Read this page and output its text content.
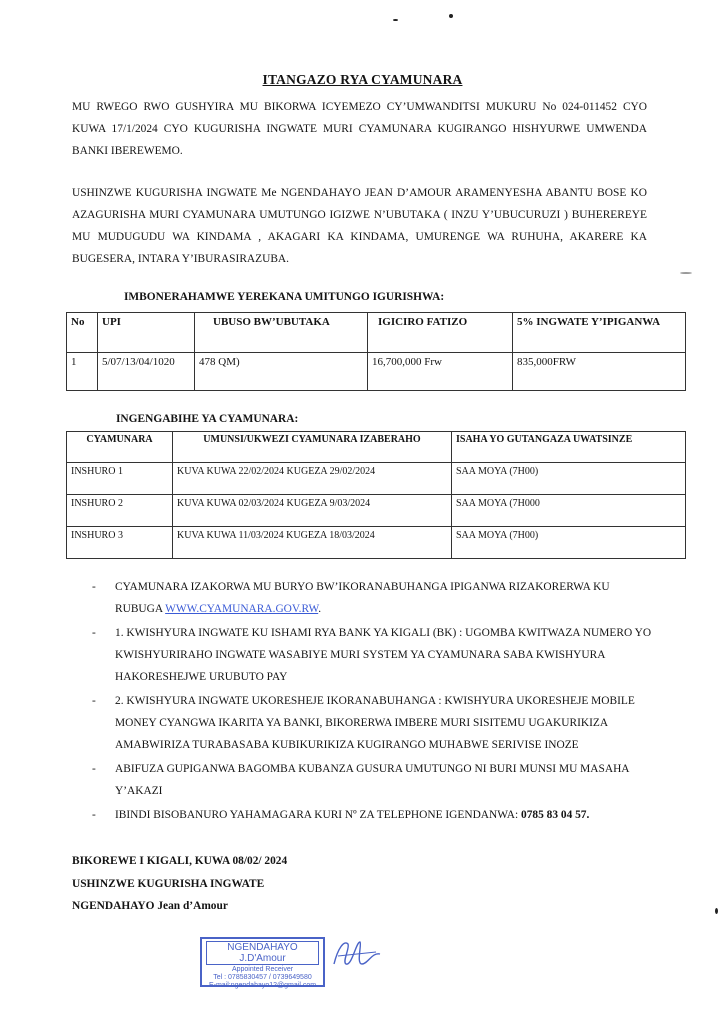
ITANGAZO RYA CYAMUNARA
MU RWEGO RWO GUSHYIRA MU BIKORWA ICYEMEZO CY’UMWANDITSI MUKURU No 024-011452 CYO KUWA 17/1/2024 CYO KUGURISHA INGWATE MURI CYAMUNARA KUGIRANGO HISHYURWE UMWENDA BANKI IBEREWEMO.
USHINZWE KUGURISHA INGWATE Me NGENDAHAYO JEAN D’AMOUR ARAMENYESHA ABANTU BOSE KO AZAGURISHA MURI CYAMUNARA UMUTUNGO IGIZWE N’UBUTAKA ( INZU Y’UBUCURUZI ) BUHEREREYE MU MUDUGUDU WA KINDAMA , AKAGARI KA KINDAMA, UMURENGE WA RUHUHA, AKARERE KA BUGESERA, INTARA Y’IBURASIRAZUBA.
IMBONERAHAMWE YEREKANA UMITUNGO IGURISHWA:
No	UPI	UBUSO BW’UBUTAKA	IGICIRO FATIZO	5% INGWATE Y’IPIGANWA
1	5/07/13/04/1020	478 QM)	16,700,000 Frw	835,000FRW
INGENGABIHE YA CYAMUNARA:
CYAMUNARA	UMUNSI/UKWEZI CYAMUNARA IZABERAHO	ISAHA YO GUTANGAZA UWATSINZE
INSHURO 1	KUVA KUWA 22/02/2024 KUGEZA 29/02/2024	SAA MOYA (7H00)
INSHURO 2	KUVA KUWA 02/03/2024 KUGEZA 9/03/2024	SAA MOYA (7H000
INSHURO 3	KUVA KUWA 11/03/2024 KUGEZA 18/03/2024	SAA MOYA (7H00)
- CYAMUNARA IZAKORWA MU BURYO BW’IKORANABUHANGA IPIGANWA RIZAKORERWA KU RUBUGA WWW.CYAMUNARA.GOV.RW.
- 1. KWISHYURA INGWATE KU ISHAMI RYA BANK YA KIGALI (BK) : UGOMBA KWITWAZA NUMERO YO KWISHYURIRAHO INGWATE WASABIYE MURI SYSTEM YA CYAMUNARA SABA KWISHYURA HAKORESHEJWE URUBUTO PAY
- 2. KWISHYURA INGWATE UKORESHEJE IKORANABUHANGA : KWISHYURA UKORESHEJE MOBILE MONEY CYANGWA IKARITA YA BANKI, BIKORERWA IMBERE MURI SISITEMU UGAKURIKIZA AMABWIRIZA TURABASABA KUBIKURIKIZA KUGIRANGO MUHABWE SERIVISE INOZE
- ABIFUZA GUPIGANWA BAGOMBA KUBANZA GUSURA UMUTUNGO NI BURI MUNSI MU MASAHA Y’AKAZI
- IBINDI BISOBANURO YAHAMAGARA KURI Nº ZA TELEPHONE IGENDANWA: 0785 83 04 57.
BIKOREWE I KIGALI, KUWA 08/02/ 2024
USHINZWE KUGURISHA INGWATE
NGENDAHAYO Jean d’Amour
NGENDAHAYO J.D'Amour
Appointed Receiver
Tel : 0785830457 / 0739649580
E-mail:ngendahayo12@gmail.com
